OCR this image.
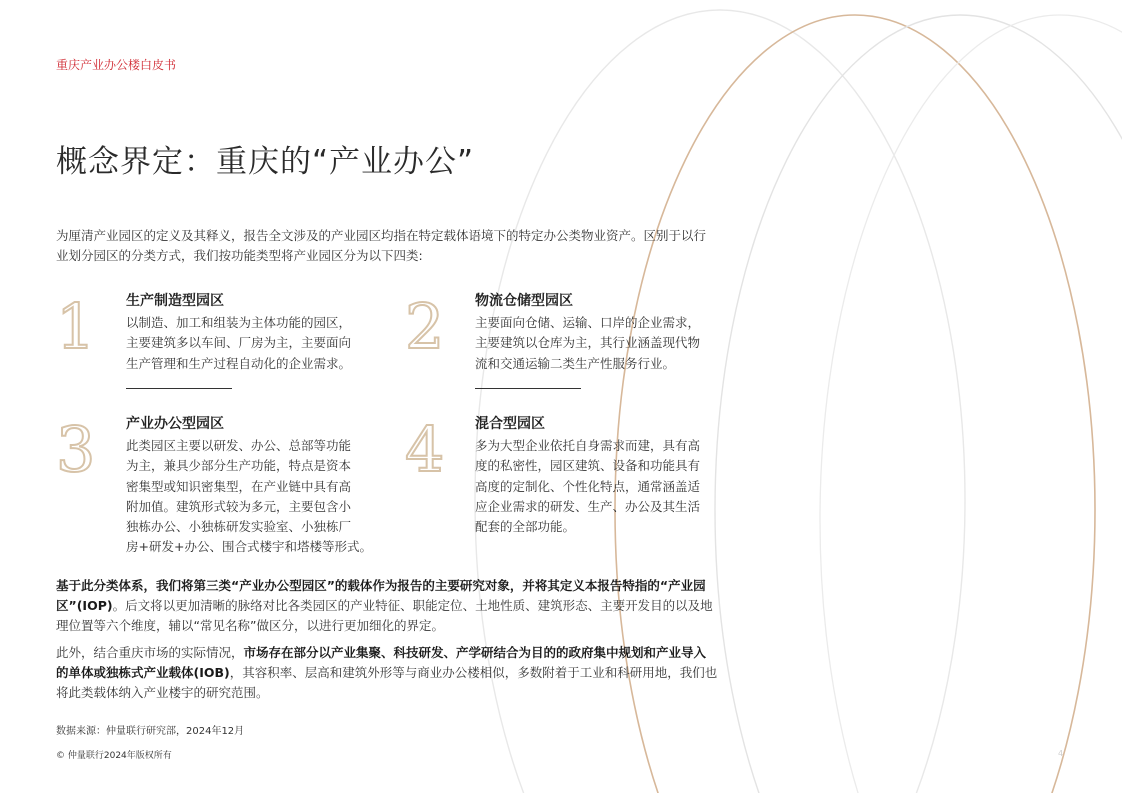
重庆产业办公楼白皮书
概念界定：重庆的“产业办公”

为厘清产业园区的定义及其释义，报告全文涉及的产业园区均指在特定载体语境下的特定办公类物业资产。区别于以行业划分园区的分类方式，我们按功能类型将产业园区分为以下四类:

1 生产制造型园区

以制造、加工和组装为主体功能的园区，
主要建筑多以车间、厂房为主，主要面向
生产管理和生产过程自动化的企业需求。

2 物流仓储型园区

主要面向仓储、运输、口岸的企业需求，
主要建筑以仓库为主，其行业涵盖现代物
流和交通运输二类生产性服务行业。

3 产业办公型园区

此类园区主要以研发、办公、总部等功能
为主，兼具少部分生产功能，特点是资本
密集型或知识密集型，在产业链中具有高
附加值。建筑形式较为多元，主要包含小
独栋办公、小独栋研发实验室、小独栋厂
房+研发+办公、围合式楼宇和塔楼等形式。

4 混合型园区

多为大型企业依托自身需求而建，具有高
度的私密性，园区建筑、设备和功能具有
高度的定制化、个性化特点，通常涵盖适
应企业需求的研发、生产、办公及其生活
配套的全部功能。

基于此分类体系，我们将第三类“产业办公型园区”的载体作为报告的主要研究对象，并将其定义本报告特指的“产业园区”(IOP)。后文将以更加清晰的脉络对比各类园区的产业特征、职能定位、土地性质、建筑形态、主要开发目的以及地理位置等六个维度，辅以“常见名称”做区分，以进行更加细化的界定。

此外，结合重庆市场的实际情况，市场存在部分以产业集聚、科技研发、产学研结合为目的的政府集中规划和产业导入的单体或独栋式产业载体(IOB)，其容积率、层高和建筑外形等与商业办公楼相似，多数附着于工业和科研用地，我们也将此类载体纳入产业楼宇的研究范围。

数据来源：仲量联行研究部，2024年12月
© 仲量联行2024年版权所有	4
